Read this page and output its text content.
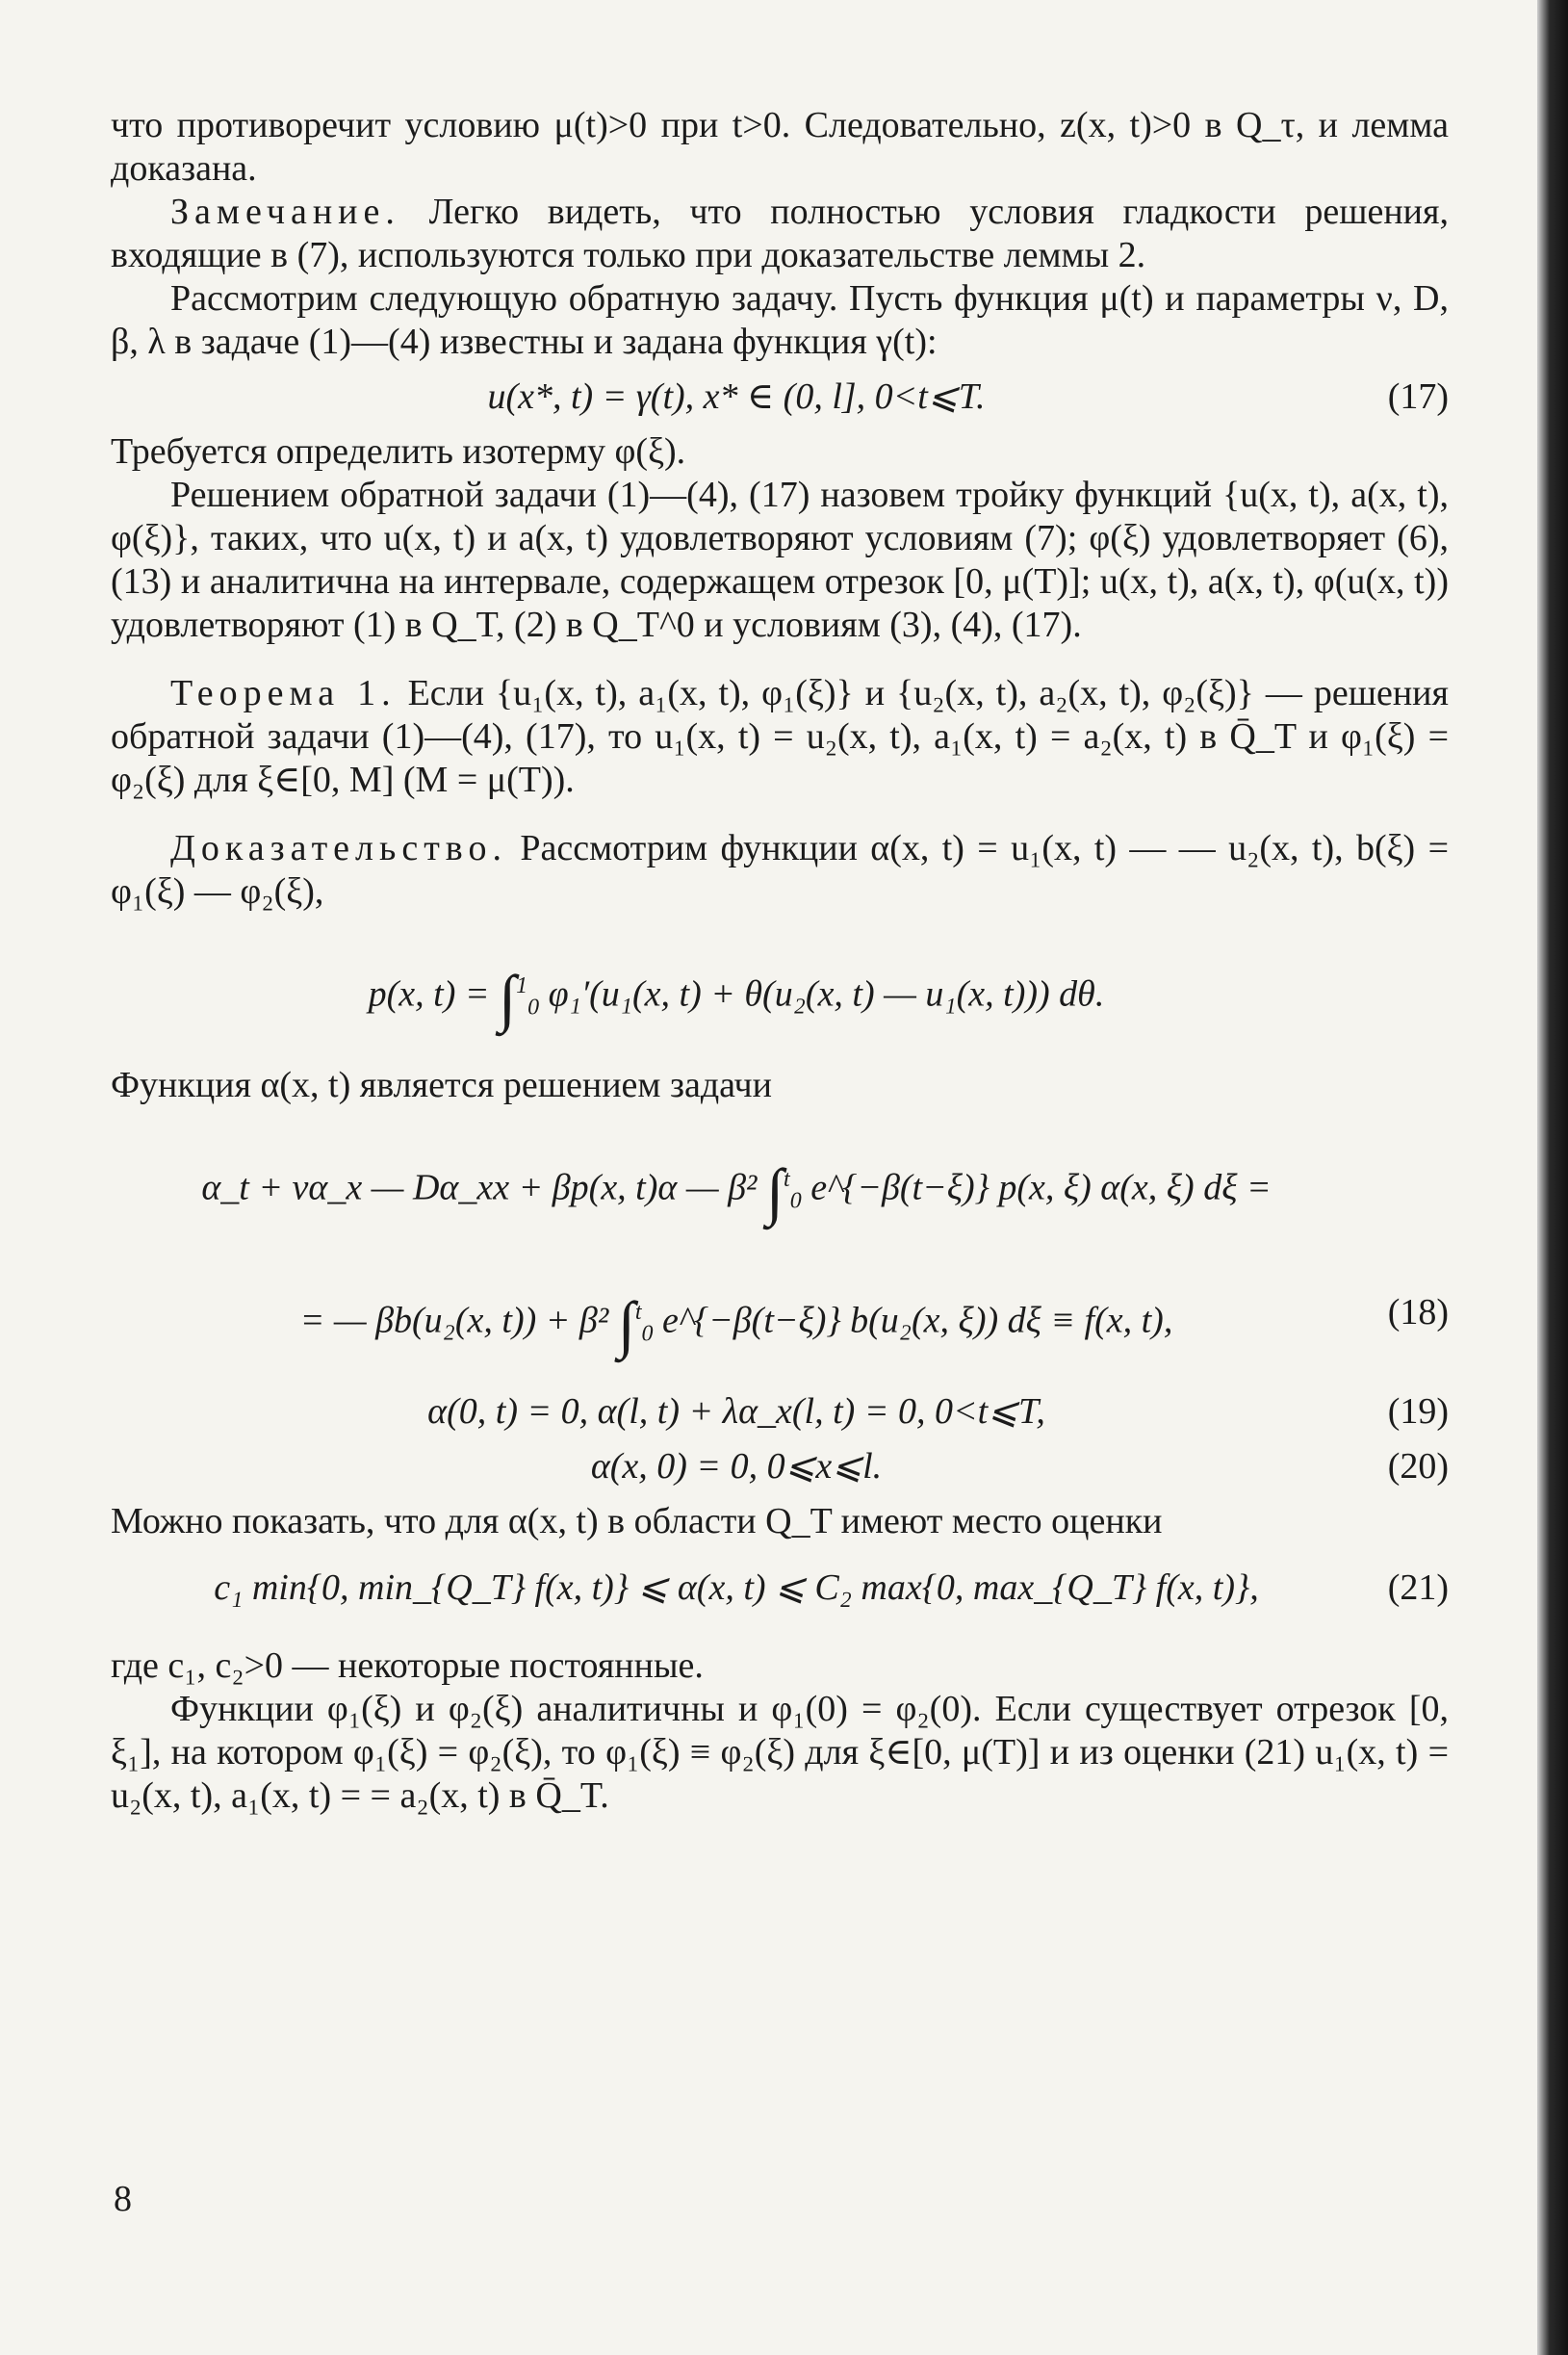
что противоречит условию μ(t)>0 при t>0. Следовательно, z(x, t)>0 в Q_τ, и лемма доказана.

Замечание. Легко видеть, что полностью условия гладкости решения, входящие в (7), используются только при доказательстве леммы 2.

Рассмотрим следующую обратную задачу. Пусть функция μ(t) и параметры ν, D, β, λ в задаче (1)—(4) известны и задана функция γ(t):

u(x*, t) = γ(t), x* ∈ (0, l], 0<t⩽T.	(17)

Требуется определить изотерму φ(ξ).

Решением обратной задачи (1)—(4), (17) назовем тройку функций {u(x, t), a(x, t), φ(ξ)}, таких, что u(x, t) и a(x, t) удовлетворяют условиям (7); φ(ξ) удовлетворяет (6), (13) и аналитична на интервале, содержащем отрезок [0, μ(T)]; u(x, t), a(x, t), φ(u(x, t)) удовлетворяют (1) в Q_T, (2) в Q_T^0 и условиям (3), (4), (17).

Теорема 1. Если {u₁(x, t), a₁(x, t), φ₁(ξ)} и {u₂(x, t), a₂(x, t), φ₂(ξ)} — решения обратной задачи (1)—(4), (17), то u₁(x, t) = u₂(x, t), a₁(x, t) = a₂(x, t) в Q̄_T и φ₁(ξ) = φ₂(ξ) для ξ∈[0, M] (M = μ(T)).

Доказательство. Рассмотрим функции α(x, t) = u₁(x, t) — — u₂(x, t), b(ξ) = φ₁(ξ) — φ₂(ξ),

p(x, t) = ∫$^1_0$ φ₁′(u₁(x, t) + θ(u₂(x, t) — u₁(x, t))) dθ.

Функция α(x, t) является решением задачи

α_t + να_x — Dα_xx + βp(x, t)α — β² ∫$^t_0$ e^{−β(t−ξ)} p(x, ξ) α(x, ξ) dξ =
= — βb(u₂(x, t)) + β² ∫$^t_0$ e^{−β(t−ξ)} b(u₂(x, ξ)) dξ ≡ f(x, t),	(18)
α(0, t) = 0, α(l, t) + λα_x(l, t) = 0, 0<t⩽T,	(19)
α(x, 0) = 0, 0⩽x⩽l.	(20)

Можно показать, что для α(x, t) в области Q_T имеют место оценки

c₁ min{0, min_{Q_T} f(x, t)} ⩽ α(x, t) ⩽ C₂ max{0, max_{Q_T} f(x, t)},	(21)

где c₁, c₂>0 — некоторые постоянные.

Функции φ₁(ξ) и φ₂(ξ) аналитичны и φ₁(0) = φ₂(0). Если существует отрезок [0, ξ₁], на котором φ₁(ξ) = φ₂(ξ), то φ₁(ξ) ≡ φ₂(ξ) для ξ∈[0, μ(T)] и из оценки (21) u₁(x, t) = u₂(x, t), a₁(x, t) = = a₂(x, t) в Q̄_T.

8
